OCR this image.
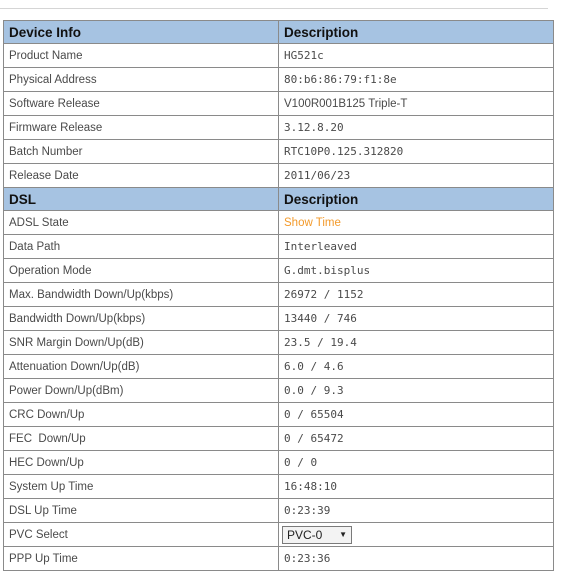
Device Info	Description
Product Name	HG521c
Physical Address	80:b6:86:79:f1:8e
Software Release	V100R001B125 Triple-T
Firmware Release	3.12.8.20
Batch Number	RTC10P0.125.312820
Release Date	2011/06/23
DSL	Description
ADSL State	Show Time
Data Path	Interleaved
Operation Mode	G.dmt.bisplus
Max. Bandwidth Down/Up(kbps)	26972 / 1152
Bandwidth Down/Up(kbps)	13440 / 746
SNR Margin Down/Up(dB)	23.5 / 19.4
Attenuation Down/Up(dB)	6.0 / 4.6
Power Down/Up(dBm)	0.0 / 9.3
CRC Down/Up	0 / 65504
FEC  Down/Up	0 / 65472
HEC Down/Up	0 / 0
System Up Time	16:48:10
DSL Up Time	0:23:39
PVC Select	PVC-0 ▼

PPP Up Time	0:23:36
